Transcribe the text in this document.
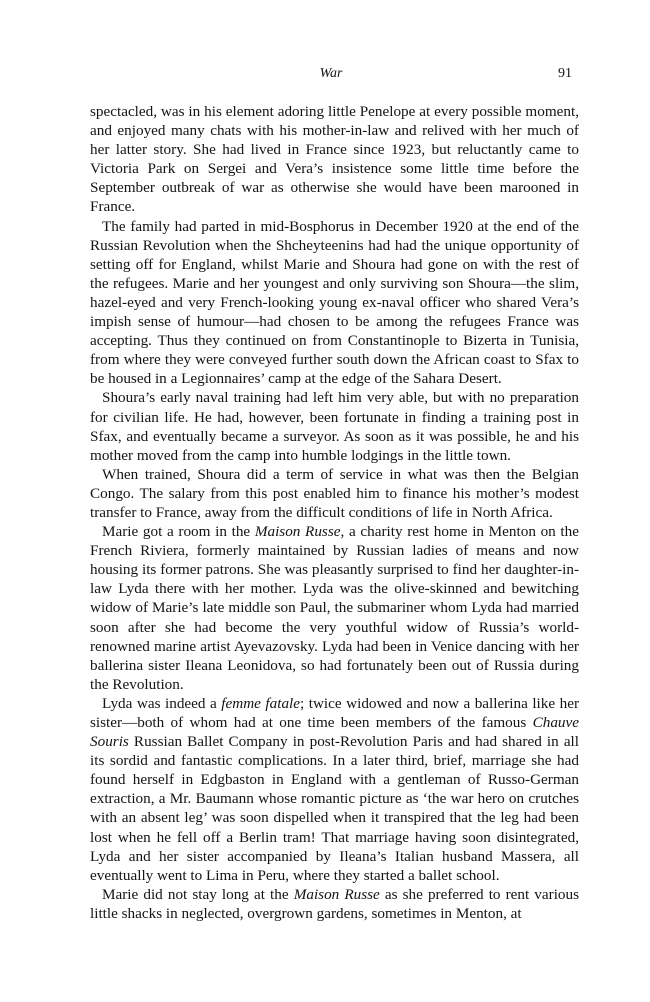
War	91

spectacled, was in his element adoring little Penelope at every possible moment, and enjoyed many chats with his mother-in-law and relived with her much of her latter story. She had lived in France since 1923, but reluctantly came to Victoria Park on Sergei and Vera’s insistence some little time before the September outbreak of war as otherwise she would have been marooned in France.

The family had parted in mid-Bosphorus in December 1920 at the end of the Russian Revolution when the Shcheyteenins had had the unique opportunity of setting off for England, whilst Marie and Shoura had gone on with the rest of the refugees. Marie and her youngest and only surviving son Shoura—the slim, hazel-eyed and very French-looking young ex-naval officer who shared Vera’s impish sense of humour—had chosen to be among the refugees France was accepting. Thus they continued on from Constantinople to Bizerta in Tunisia, from where they were conveyed further south down the African coast to Sfax to be housed in a Legionnaires’ camp at the edge of the Sahara Desert.

Shoura’s early naval training had left him very able, but with no preparation for civilian life. He had, however, been fortunate in finding a training post in Sfax, and eventually became a surveyor. As soon as it was possible, he and his mother moved from the camp into humble lodgings in the little town.

When trained, Shoura did a term of service in what was then the Belgian Congo. The salary from this post enabled him to finance his mother’s modest transfer to France, away from the difficult conditions of life in North Africa.

Marie got a room in the Maison Russe, a charity rest home in Menton on the French Riviera, formerly maintained by Russian ladies of means and now housing its former patrons. She was pleasantly surprised to find her daughter-in-law Lyda there with her mother. Lyda was the olive-skinned and bewitching widow of Marie’s late middle son Paul, the submariner whom Lyda had married soon after she had become the very youthful widow of Russia’s world-renowned marine artist Ayevazovsky. Lyda had been in Venice dancing with her ballerina sister Ileana Leonidova, so had fortunately been out of Russia during the Revolution.

Lyda was indeed a femme fatale; twice widowed and now a ballerina like her sister—both of whom had at one time been members of the famous Chauve Souris Russian Ballet Company in post-Revolution Paris and had shared in all its sordid and fantastic complications. In a later third, brief, marriage she had found herself in Edgbaston in England with a gentleman of Russo-German extraction, a Mr. Baumann whose romantic picture as ‘the war hero on crutches with an absent leg’ was soon dispelled when it transpired that the leg had been lost when he fell off a Berlin tram! That marriage having soon disintegrated, Lyda and her sister accompanied by Ileana’s Italian husband Massera, all eventually went to Lima in Peru, where they started a ballet school.

Marie did not stay long at the Maison Russe as she preferred to rent various little shacks in neglected, overgrown gardens, sometimes in Menton, at
